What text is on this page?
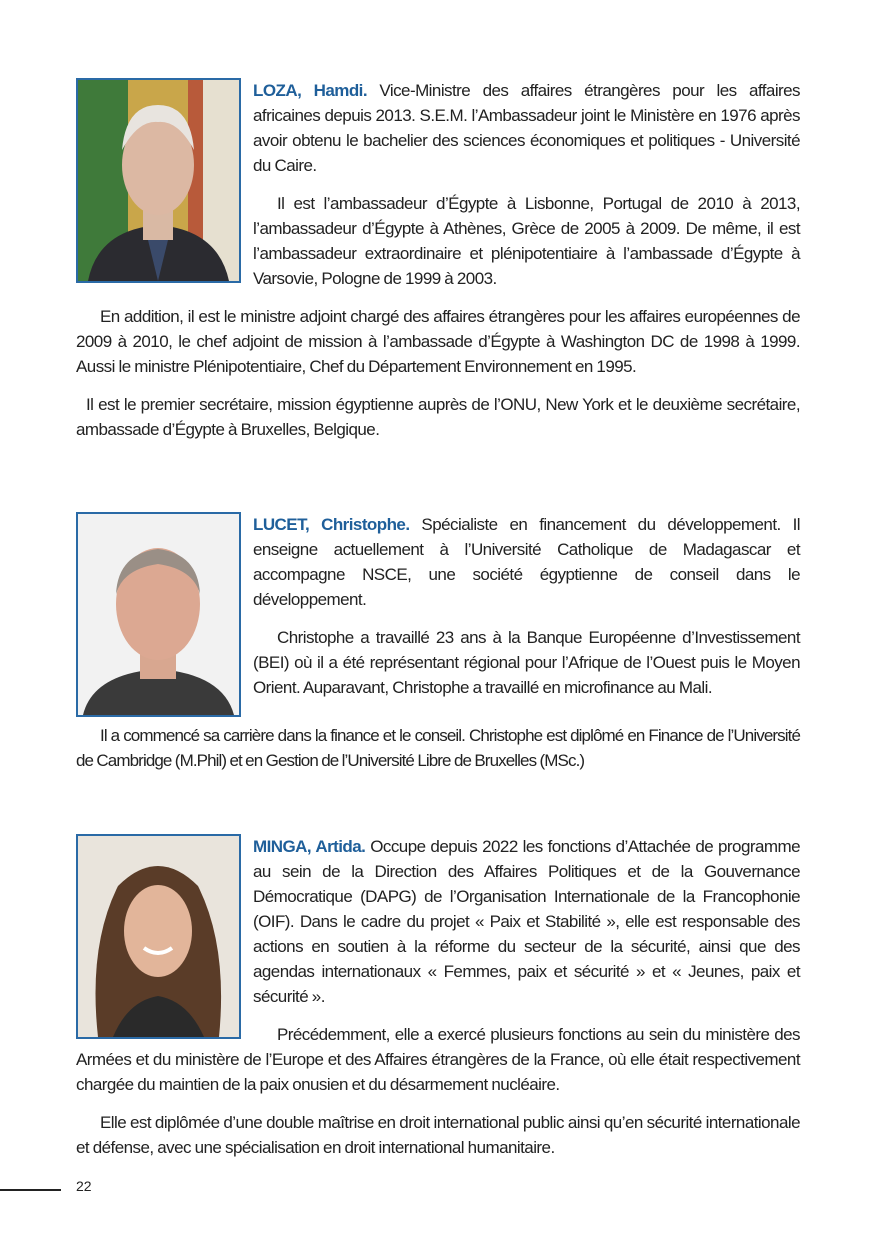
LOZA, Hamdi. Vice-Ministre des affaires étrangères pour les affaires africaines depuis 2013. S.E.M. l’Ambassadeur joint le Ministère en 1976 après avoir obtenu le bachelier des sciences économiques et politiques - Université du Caire.

Il est l’ambassadeur d’Égypte à Lisbonne, Portugal de 2010 à 2013, l’ambassadeur d’Égypte à Athènes, Grèce de 2005 à 2009. De même, il est l’ambassadeur extraordinaire et plénipotentiaire à l’ambassade d’Égypte à Varsovie, Pologne de 1999 à 2003.

En addition, il est le ministre adjoint chargé des affaires étrangères pour les affaires européennes de 2009 à 2010, le chef adjoint de mission à l’ambassade d’Égypte à Washington DC de 1998 à 1999. Aussi le ministre Plénipotentiaire, Chef du Département Environnement en 1995.

Il est le premier secrétaire, mission égyptienne auprès de l’ONU, New York et le deuxième secrétaire, ambassade d’Égypte à Bruxelles, Belgique.

LUCET, Christophe. Spécialiste en financement du développement. Il enseigne actuellement à l’Université Catholique de Madagascar et accompagne NSCE, une société égyptienne de conseil dans le développement.

Christophe a travaillé 23 ans à la Banque Européenne d’Investissement (BEI) où il a été représentant régional pour l’Afrique de l’Ouest puis le Moyen Orient. Auparavant, Christophe a travaillé en microfinance au Mali.

Il a commencé sa carrière dans la finance et le conseil. Christophe est diplômé en Finance de l’Université de Cambridge (M.Phil) et en Gestion de l’Université Libre de Bruxelles (MSc.)

MINGA, Artida. Occupe depuis 2022 les fonctions d’Attachée de programme au sein de la Direction des Affaires Politiques et de la Gouvernance Démocratique (DAPG) de l’Organisation Internationale de la Francophonie (OIF). Dans le cadre du projet « Paix et Stabilité », elle est responsable des actions en soutien à la réforme du secteur de la sécurité, ainsi que des agendas internationaux « Femmes, paix et sécurité » et « Jeunes, paix et sécurité ».

Précédemment, elle a exercé plusieurs fonctions au sein du ministère des Armées et du ministère de l’Europe et des Affaires étrangères de la France, où elle était respectivement chargée du maintien de la paix onusien et du désarmement nucléaire.

Elle est diplômée d’une double maîtrise en droit international public ainsi qu’en sécurité internationale et défense, avec une spécialisation en droit international humanitaire.

22
